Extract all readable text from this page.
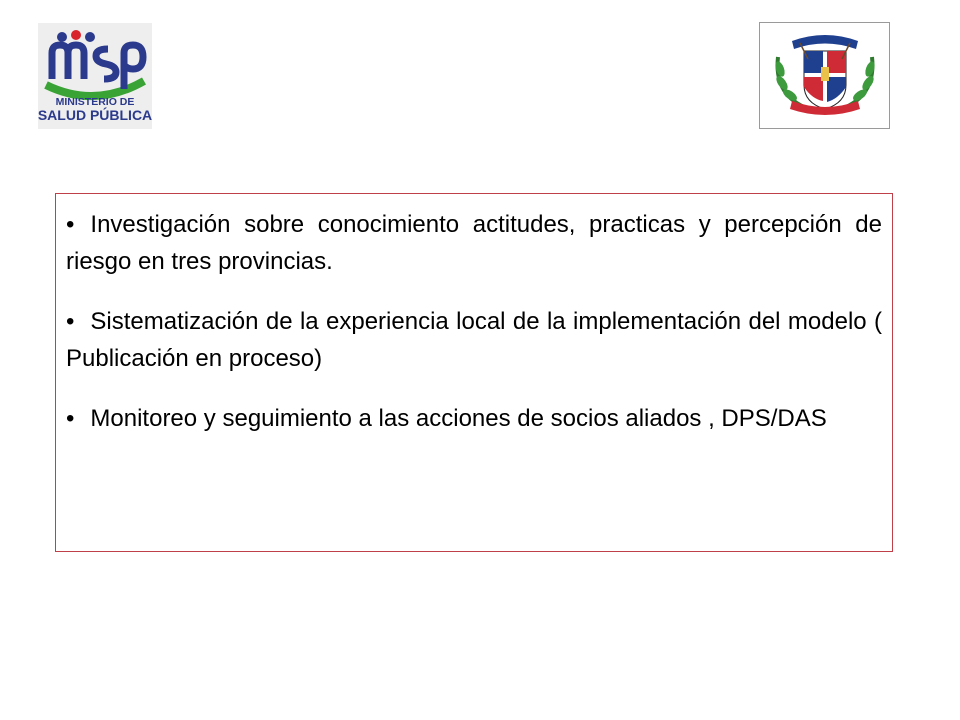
MINISTERIO DE
SALUD PÚBLICA

• Investigación sobre conocimiento actitudes, practicas y percepción de riesgo en tres provincias.

• Sistematización de la experiencia local de la implementación del modelo ( Publicación en proceso)

• Monitoreo y seguimiento a las acciones de socios aliados , DPS/DAS
